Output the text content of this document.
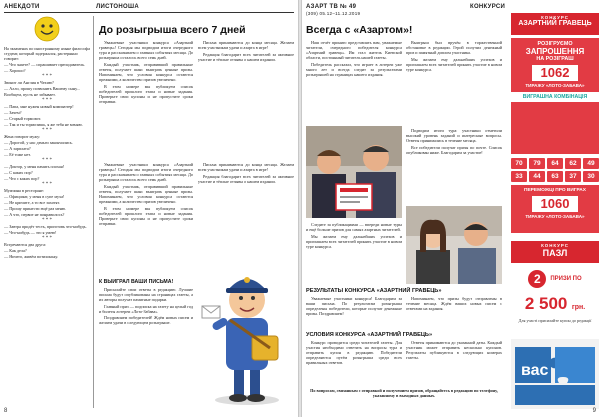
АНЕКДОТИ	ЛИСТОНОША

На экзаменах по иностранному языке философа студент, который задержался, растерянно говорит:

— Что знаете? — спрашивает преподаватель.

— Хорошо?

* * *

Звонит ли Англия в Чехию?

— Алло, прошу позвонить Вашему сыну...

Вообщем, пусть не забывает.

* * *

— Папа, мне нужен новый компьютер!

— Зачем?

— Старый тормозит.

— Так и ты тормозишь, я же тебя не меняю.

* * *

Жена говорит мужу:

— Дорогой, у нас деньги закончились.

— А зарплата?

— Её тоже нет.

* * *

— Доктор, у меня память плохая!

— С каких пор?

— Что с каких пор?

* * *

Мужчина в ресторане:

— Официант, у меня в супе муха!

— Не кричите, а то все захотят.

— Прошу принести ещё раз меню.

— А что, первое не понравилось?

* * *

— Завтра придёт тесть, приготовь что-нибудь.

— Что-нибудь — это я умею!

* * *

Встречаются два друга:

— Как дела?

— Ничего, живём потихоньку.

До розыгрыша всего 7 дней

Уважаемые участники конкурса «Азартний гравець»! Сегодня мы подводим итоги очередного тура и рассказываем о главных событиях месяца. До розыгрыша осталось всего семь дней.

Каждый участник, отправивший правильные ответы, получает шанс выиграть ценные призы. Напоминаем, что условия конкурса остаются прежними, а количество призов увеличено.

В этом номере мы публикуем список победителей прошлого этапа и новые задания. Проверьте свои купоны и не пропустите сроки отправки.

Письма принимаются до конца месяца. Желаем всем участникам удачи и азарта в игре!

Редакция благодарит всех читателей за активное участие и тёплые отзывы о нашем издании.

Уважаемые участники конкурса «Азартний гравець»! Сегодня мы подводим итоги очередного тура и рассказываем о главных событиях месяца. До розыгрыша осталось всего семь дней.

Каждый участник, отправивший правильные ответы, получает шанс выиграть ценные призы. Напоминаем, что условия конкурса остаются прежними, а количество призов увеличено.

В этом номере мы публикуем список победителей прошлого этапа и новые задания. Проверьте свои купоны и не пропустите сроки отправки.

Письма принимаются до конца месяца. Желаем всем участникам удачи и азарта в игре!

Редакция благодарит всех читателей за активное участие и тёплые отзывы о нашем издании.

К ВЫИГРАЛ ВАШИ ПИСЬМА!

Присылайте свои ответы в редакцию. Лучшие письма будут опубликованы на страницах газеты, а их авторы получат памятные подарки.

Главный приз — подписка на газету на целый год и билеты лотереи «Лото-Забава».

Поздравляем победителей! Ждём новых писем и желаем удачи в следующем розыгрыше.

8
АЗАРТ ТВ № 49
(309) 05.12–11.12.2019
КОНКУРСИ
Всегда с «Азартом»!

Наш отчёт принято представлять вам, уважаемые читатели, очередного победителя конкурса «Азартний гравець». Им стал житель Киевской области, постоянный читатель нашей газеты.

Победитель рассказал, что играет в лотереи уже много лет и всегда следит за результатами розыгрышей на страницах нашего издания.

Выигрыш был вручён в торжественной обстановке в редакции. Герой получил денежный приз и памятный диплом участника.

Мы желаем ему дальнейших успехов и приглашаем всех читателей принять участие в новом туре конкурса.

Подводим итоги тура: участники отметили высокий уровень заданий и интересные вопросы. Ответы принимались в течение месяца.

Все победители получат призы по почте. Список опубликован ниже. Благодарим за участие!

Следите за публикациями — впереди новые туры и ещё больше призов для самых азартных читателей.

Мы желаем ему дальнейших успехов и приглашаем всех читателей принять участие в новом туре конкурса.

РЕЗУЛЬТАТЫ КОНКУРСА «АЗАРТНИЙ ГРАВЕЦЬ»

Уважаемые участники конкурса! Благодарим за ваши письма. По результатам розыгрыша определены победители, которые получат денежные призы. Поздравляем!

Напоминаем, что призы будут отправлены в течение месяца. Ждём ваших новых писем с ответами на задания.

УСЛОВИЯ КОНКУРСА «АЗАРТНИЙ ГРАВЕЦЬ»

Конкурс проводится среди читателей газеты. Для участия необходимо ответить на вопросы тура и отправить купон в редакцию. Победители определяются путём розыгрыша среди всех правильных ответов.

Ответы принимаются до указанной даты. Каждый участник может отправить несколько купонов. Результаты публикуются в следующих номерах газеты.

По вопросам, связанным с отправкой и получением призов, обращайтесь в редакцию по телефону, указанному в выходных данных.
КОНКУРС
АЗАРТНИЙ ГРАВЕЦЬ
РОЗІГРУЄМО
ЗАПРОШЕННЯ
НА РОЗІГРАШ
1062
ТИРАЖУ «ЛОТО-ЗАБАВА»
ВИГРАШНА КОМБІНАЦІЯ
70	79	64	62	49
33	44	63	37	30
ПЕРЕМОЖЦІ ПРО ВИГРАХ
1060
ТИРАЖУ «ЛОТО-ЗАБАВА»
КОНКУРС
ПАЗЛ
2	ПРИЗИ ПО
2 500 грн.
Для участі присилайте купон до редакції
вас
9
